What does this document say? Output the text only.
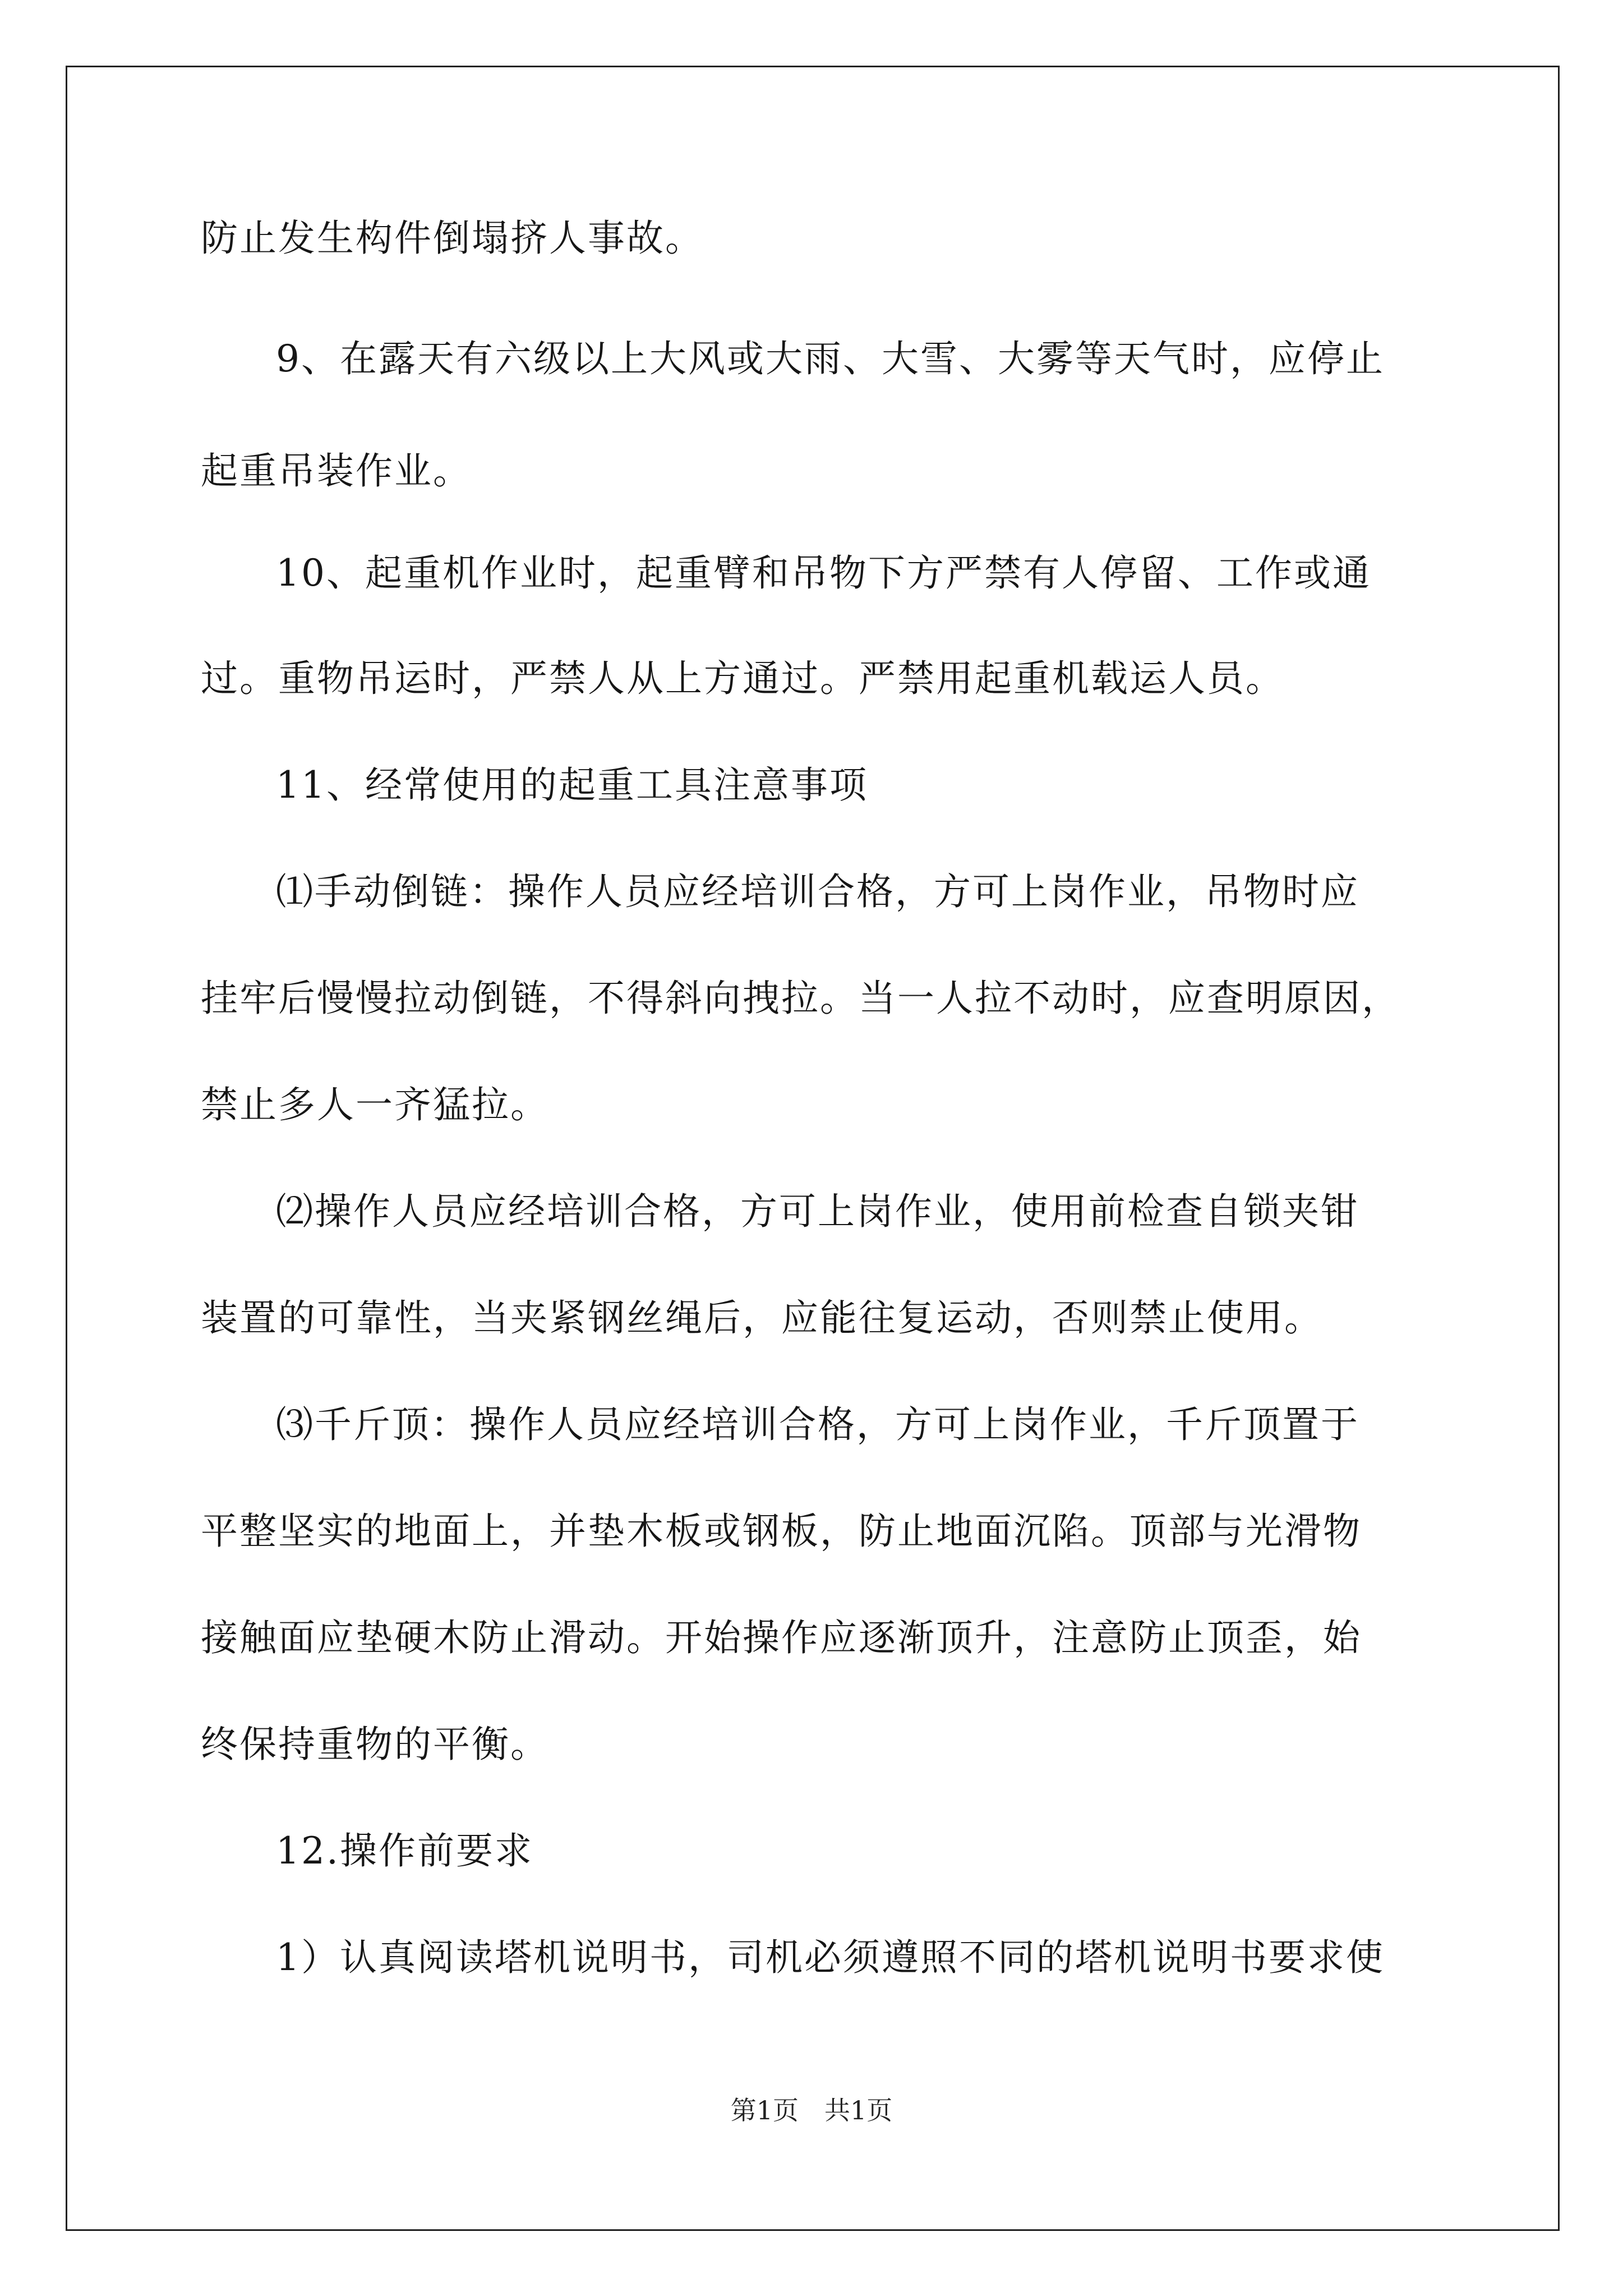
防止发生构件倒塌挤人事故。
9、在露天有六级以上大风或大雨、大雪、大雾等天气时，应停止
起重吊装作业。
10、起重机作业时，起重臂和吊物下方严禁有人停留、工作或通
过。重物吊运时，严禁人从上方通过。严禁用起重机载运人员。
11、经常使用的起重工具注意事项
⑴手动倒链：操作人员应经培训合格，方可上岗作业，吊物时应
挂牢后慢慢拉动倒链，不得斜向拽拉。当一人拉不动时，应查明原因，
禁止多人一齐猛拉。
⑵操作人员应经培训合格，方可上岗作业，使用前检查自锁夹钳
装置的可靠性，当夹紧钢丝绳后，应能往复运动，否则禁止使用。
⑶千斤顶：操作人员应经培训合格，方可上岗作业，千斤顶置于
平整坚实的地面上，并垫木板或钢板，防止地面沉陷。顶部与光滑物
接触面应垫硬木防止滑动。开始操作应逐渐顶升，注意防止顶歪，始
终保持重物的平衡。
12.操作前要求
1）认真阅读塔机说明书，司机必须遵照不同的塔机说明书要求使
第1页 共1页
